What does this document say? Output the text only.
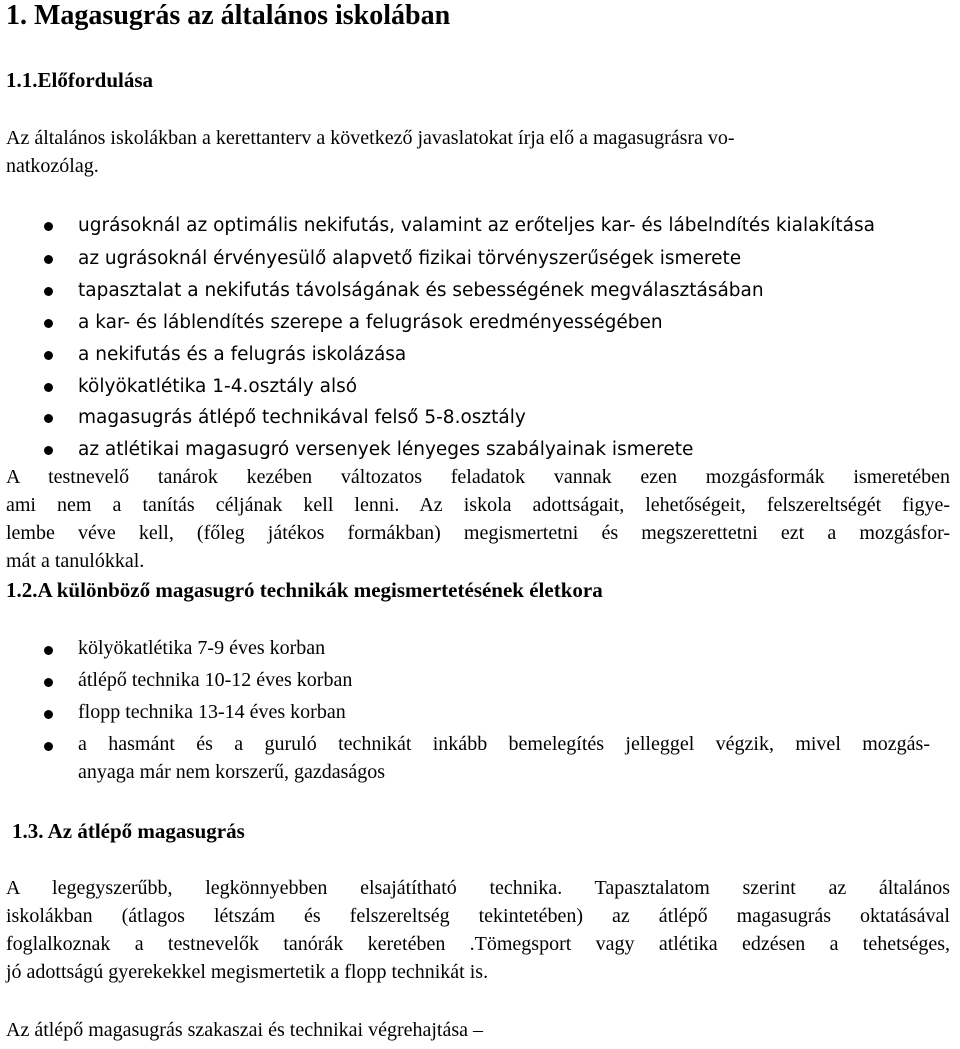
1. Magasugrás az általános iskolában
1.1.Előfordulása
Az általános iskolákban a kerettanterv a következő javaslatokat írja elő a magasugrásra vo-
natkozólag.
ugrásoknál az optimális nekifutás, valamint az erőteljes kar- és lábelndítés kialakítása
az ugrásoknál érvényesülő alapvető fizikai törvényszerűségek ismerete
tapasztalat a nekifutás távolságának és sebességének megválasztásában
a kar- és láblendítés szerepe a felugrások eredményességében
a nekifutás és a felugrás iskolázása
kölyökatlétika 1-4.osztály alsó
magasugrás átlépő technikával felső 5-8.osztály
az atlétikai magasugró versenyek lényeges szabályainak ismerete
A testnevelő tanárok kezében változatos feladatok vannak ezen mozgásformák ismeretében
ami nem a tanítás céljának kell lenni. Az iskola adottságait, lehetőségeit, felszereltségét figye-
lembe véve kell, (főleg játékos formákban) megismertetni és megszerettetni ezt a mozgásfor-
mát a tanulókkal.
1.2.A különböző magasugró technikák megismertetésének életkora
kölyökatlétika 7-9 éves korban
átlépő technika 10-12 éves korban
flopp technika 13-14 éves korban
a hasmánt és a guruló technikát inkább bemelegítés jelleggel végzik, mivel mozgás-
anyaga már nem korszerű, gazdaságos
1.3. Az átlépő magasugrás
A legegyszerűbb, legkönnyebben elsajátítható technika. Tapasztalatom szerint az általános
iskolákban (átlagos létszám és felszereltség tekintetében) az átlépő magasugrás oktatásával
foglalkoznak a testnevelők tanórák keretében .Tömegsport vagy atlétika edzésen a tehetséges,
jó adottságú gyerekekkel megismertetik a flopp technikát is.
Az átlépő magasugrás szakaszai és technikai végrehajtása –
